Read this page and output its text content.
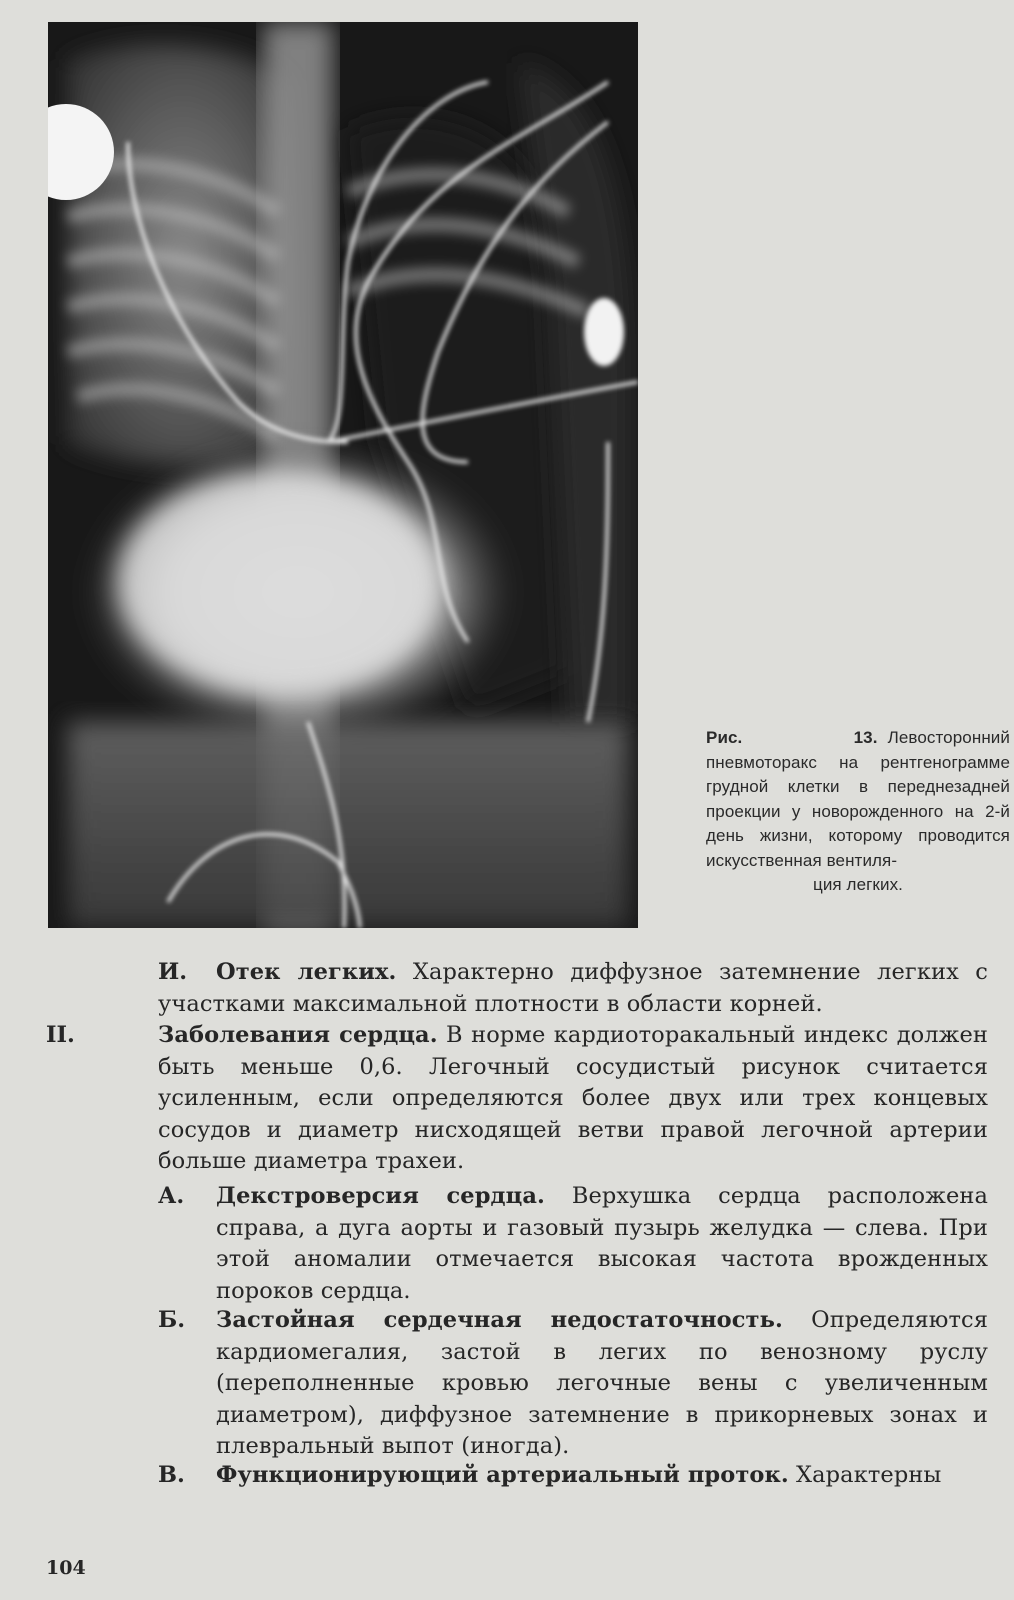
Рис. 13. Левосторонний пневмоторакс на рентгенограмме грудной клетки в переднезадней проекции у новорожденного на 2-й день жизни, которому проводится искусственная вентиля-
ция легких.
И.	Отек легких. Характерно диффузное затемнение легких с участками максимальной плотности в области корней.
II.	Заболевания сердца. В норме кардиоторакальный индекс должен быть меньше 0,6. Легочный сосудистый рисунок считается усиленным, если определяются более двух или трех концевых сосудов и диаметр нисходящей ветви правой легочной артерии больше диаметра трахеи.
А. Декстроверсия сердца. Верхушка сердца расположена справа, а дуга аорты и газовый пузырь желудка — слева. При этой аномалии отмечается высокая частота врожденных пороков сердца.
Б. Застойная сердечная недостаточность. Определяются кардиомегалия, застой в легих по венозному руслу (переполненные кровью легочные вены с увеличенным диаметром), диффузное затемнение в прикорневых зонах и плевральный выпот (иногда).
В. Функционирующий артериальный проток. Характерны
104
